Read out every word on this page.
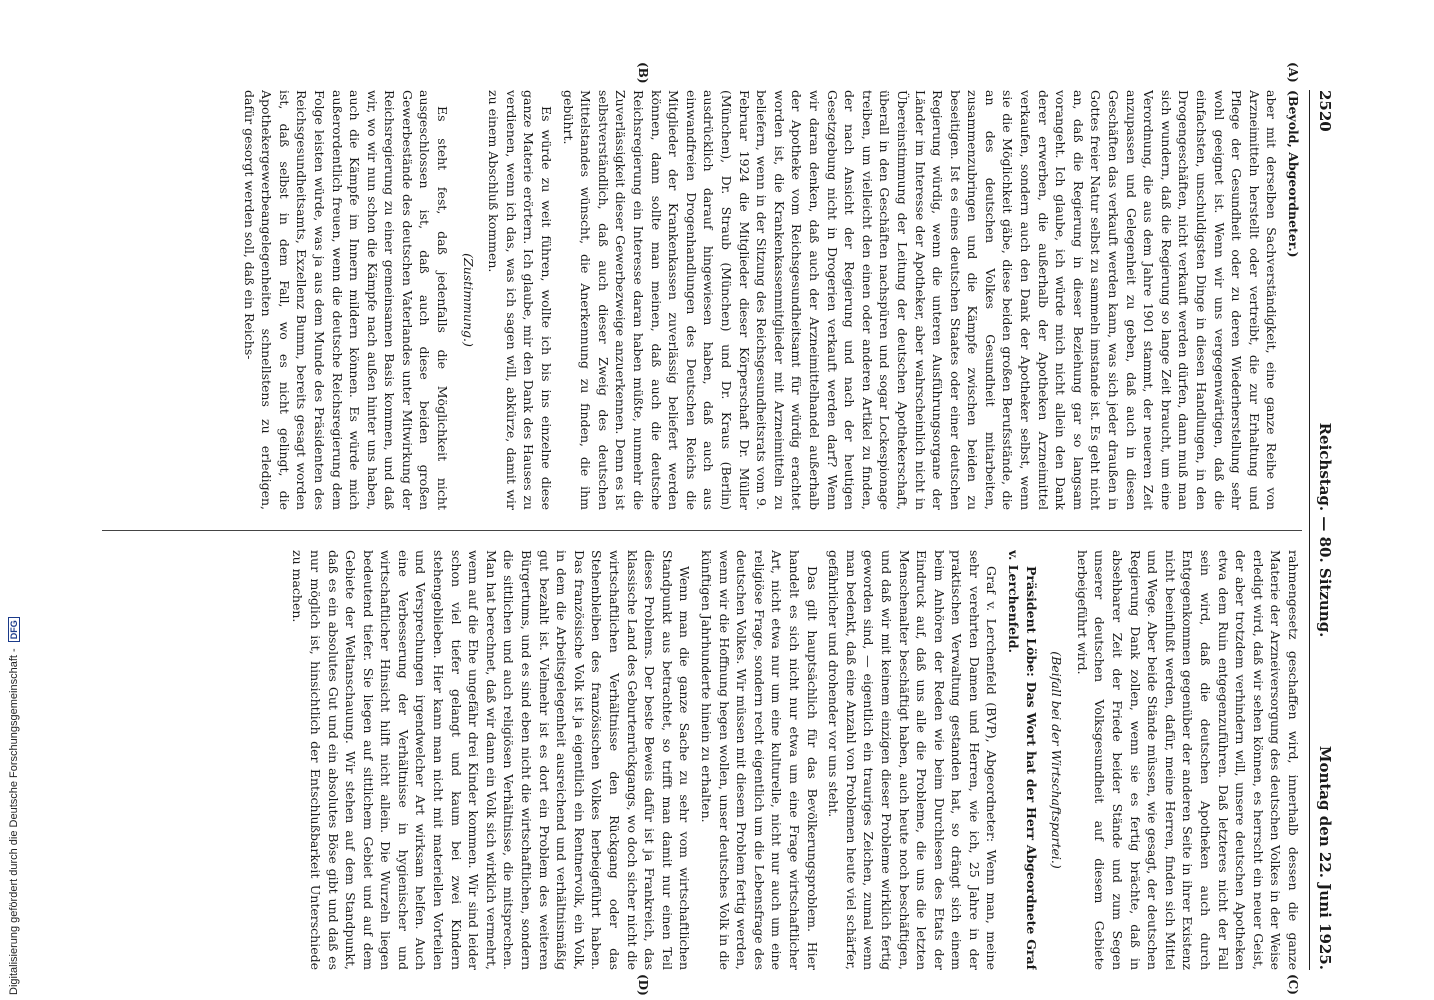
2520
Reichstag. — 80. Sitzung.
Montag den 22. Juni 1925.
(A)
(B)
(C)
(D)

(Beyold, Abgeordneter.)

aber mit derselben Sachverständigkeit, eine ganze Reihe von Arzneimitteln herstellt oder vertreibt, die zur Erhaltung und Pflege der Gesundheit oder zu deren Wiederherstellung sehr wohl geeignet ist. Wenn wir uns vergegenwärtigen, daß die einfachsten, unschuldigsten Dinge in diesen Handlungen, in den Drogengeschäften, nicht verkauft werden dürfen, dann muß man sich wundern, daß die Regierung so lange Zeit braucht, um eine Verordnung, die aus dem Jahre 1901 stammt, der neueren Zeit anzupassen und Gelegenheit zu geben, daß auch in diesen Geschäften das verkauft werden kann, was sich jeder draußen in Gottes freier Natur selbst zu sammeln imstande ist. Es geht nicht an, daß die Regierung in dieser Beziehung gar so langsam vorangeht. Ich glaube, ich würde mich nicht allein den Dank derer erwerben, die außerhalb der Apotheken Arzneimittel verkaufen, sondern auch den Dank der Apotheker selbst, wenn sie die Möglichkeit gäbe, diese beiden großen Berufsstände, die an des deutschen Volkes Gesundheit mitarbeiten, zusammenzubringen und die Kämpfe zwischen beiden zu beseitigen. Ist es eines deutschen Staates oder einer deutschen Regierung würdig, wenn die unteren Ausführungsorgane der Länder im Interesse der Apotheker, aber wahrscheinlich nicht in Übereinstimmung der Leitung der deutschen Apothekerschaft, überall in den Geschäften nachspüren und sogar Lockespionage treiben, um vielleicht den einen oder anderen Artikel zu finden, der nach Ansicht der Regierung und nach der heutigen Gesetzgebung nicht in Drogerien verkauft werden darf? Wenn wir daran denken, daß auch der Arzneimittelhandel außerhalb der Apotheke vom Reichsgesundheitsamt für würdig erachtet worden ist, die Krankenkassenmitglieder mit Arzneimitteln zu beliefern, wenn in der Sitzung des Reichsgesundheitsrats vom 9. Februar 1924 die Mitglieder dieser Körperschaft Dr. Müller (München), Dr. Straub (München) und Dr. Kraus (Berlin) ausdrücklich darauf hingewiesen haben, daß auch aus einwandfreien Drogenhandlungen des Deutschen Reichs die Mitglieder der Krankenkassen zuverlässig beliefert werden können, dann sollte man meinen, daß auch die deutsche Reichsregierung ein Interesse daran haben müßte, nunmehr die Zuverlässigkeit dieser Gewerbezweige anzuerkennen. Denn es ist selbstverständlich, daß auch dieser Zweig des deutschen Mittelstandes wünscht, die Anerkennung zu finden, die ihm gebührt.

Es würde zu weit führen, wollte ich bis ins einzelne diese ganze Materie erörtern. Ich glaube, mir den Dank des Hauses zu verdienen, wenn ich das, was ich sagen will, abkürze, damit wir zu einem Abschluß kommen.

(Zustimmung.)

Es steht fest, daß jedenfalls die Möglichkeit nicht ausgeschlossen ist, daß auch diese beiden großen Gewerbestände des deutschen Vaterlandes unter Mitwirkung der Reichsregierung zu einer gemeinsamen Basis kommen, und daß wir, wo wir nun schon die Kämpfe nach außen hinter uns haben, auch die Kämpfe im Innern mildern können. Es würde mich außerordentlich freuen, wenn die deutsche Reichsregierung dem Folge leisten würde, was ja aus dem Munde des Präsidenten des Reichsgesundheitsamts, Exzellenz Bumm, bereits gesagt worden ist, daß selbst in dem Fall, wo es nicht gelingt, die Apothekergewerbeangelegenheiten schnellstens zu erledigen, dafür gesorgt werden soll, daß ein Reichs-

rahmengesetz geschaffen wird, innerhalb dessen die ganze Materie der Arzneiversorgung des deutschen Volkes in der Weise erledigt wird, daß wir sehen können, es herrscht ein neuer Geist, der aber trotzdem verhindern will, unsere deutschen Apotheken etwa dem Ruin entgegenzuführen. Daß letzteres nicht der Fall sein wird, daß die deutschen Apotheken auch durch Entgegenkommen gegenüber der anderen Seite in ihrer Existenz nicht beeinflußt werden, dafür, meine Herren, finden sich Mittel und Wege. Aber beide Stände müssen, wie gesagt, der deutschen Regierung Dank zollen, wenn sie es fertig brächte, daß in absehbarer Zeit der Friede beider Stände und zum Segen unserer deutschen Volksgesundheit auf diesem Gebiete herbeigeführt wird.

(Beifall bei der Wirtschaftspartei.)

Präsident Löbe: Das Wort hat der Herr Abgeordnete Graf v. Lerchenfeld.

Graf v. Lerchenfeld (BVP), Abgeordneter: Wenn man, meine sehr verehrten Damen und Herren, wie ich, 25 Jahre in der praktischen Verwaltung gestanden hat, so drängt sich einem beim Anhören der Reden wie beim Durchlesen des Etats der Eindruck auf, daß uns alle die Probleme, die uns die letzten Menschenalter beschäftigt haben, auch heute noch beschäftigen, und daß wir mit keinem einzigen dieser Probleme wirklich fertig geworden sind, — eigentlich ein trauriges Zeichen, zumal wenn man bedenkt, daß eine Anzahl von Problemen heute viel schärfer, gefährlicher und drohender vor uns steht.

Das gilt hauptsächlich für das Bevölkerungsproblem. Hier handelt es sich nicht nur etwa um eine Frage wirtschaftlicher Art, nicht etwa nur um eine kulturelle, nicht nur auch um eine religiöse Frage, sondern recht eigentlich um die Lebensfrage des deutschen Volkes. Wir müssen mit diesem Problem fertig werden, wenn wir die Hoffnung hegen wollen, unser deutsches Volk in die künftigen Jahrhunderte hinein zu erhalten.

Wenn man die ganze Sache zu sehr vom wirtschaftlichen Standpunkt aus betrachtet, so trifft man damit nur einen Teil dieses Problems. Der beste Beweis dafür ist ja Frankreich, das klassische Land des Geburtenrückgangs, wo doch sicher nicht die wirtschaftlichen Verhältnisse den Rückgang oder das Stehenbleiben des französischen Volkes herbeigeführt haben. Das französische Volk ist ja eigentlich ein Rentnervolk, ein Volk, in dem die Arbeitsgelegenheit ausreichend und verhältnismäßig gut bezahlt ist. Vielmehr ist es dort ein Problem des weiteren Bürgertums, und es sind eben nicht die wirtschaftlichen, sondern die sittlichen und auch religiösen Verhältnisse, die mitsprechen. Man hat berechnet, daß wir dann ein Volk sich wirklich vermehrt, wenn auf die Ehe ungefähr drei Kinder kommen. Wir sind leider schon viel tiefer gelangt und kaum bei zwei Kindern stehengeblieben. Hier kann man nicht mit materiellen Vorteilen und Versprechungen irgendwelcher Art wirksam helfen. Auch eine Verbesserung der Verhältnisse in hygienischer und wirtschaftlicher Hinsicht hilft nicht allein. Die Wurzeln liegen bedeutend tiefer. Sie liegen auf sittlichem Gebiet und auf dem Gebiete der Weltanschauung. Wir stehen auf dem Standpunkt, daß es ein absolutes Gut und ein absolutes Böse gibt und daß es nur möglich ist, hinsichtlich der Entschlußbarkeit Unterschiede zu machen.

Digitalisierung gefördert durch die Deutsche Forschungsgemeinschaft - DFG
